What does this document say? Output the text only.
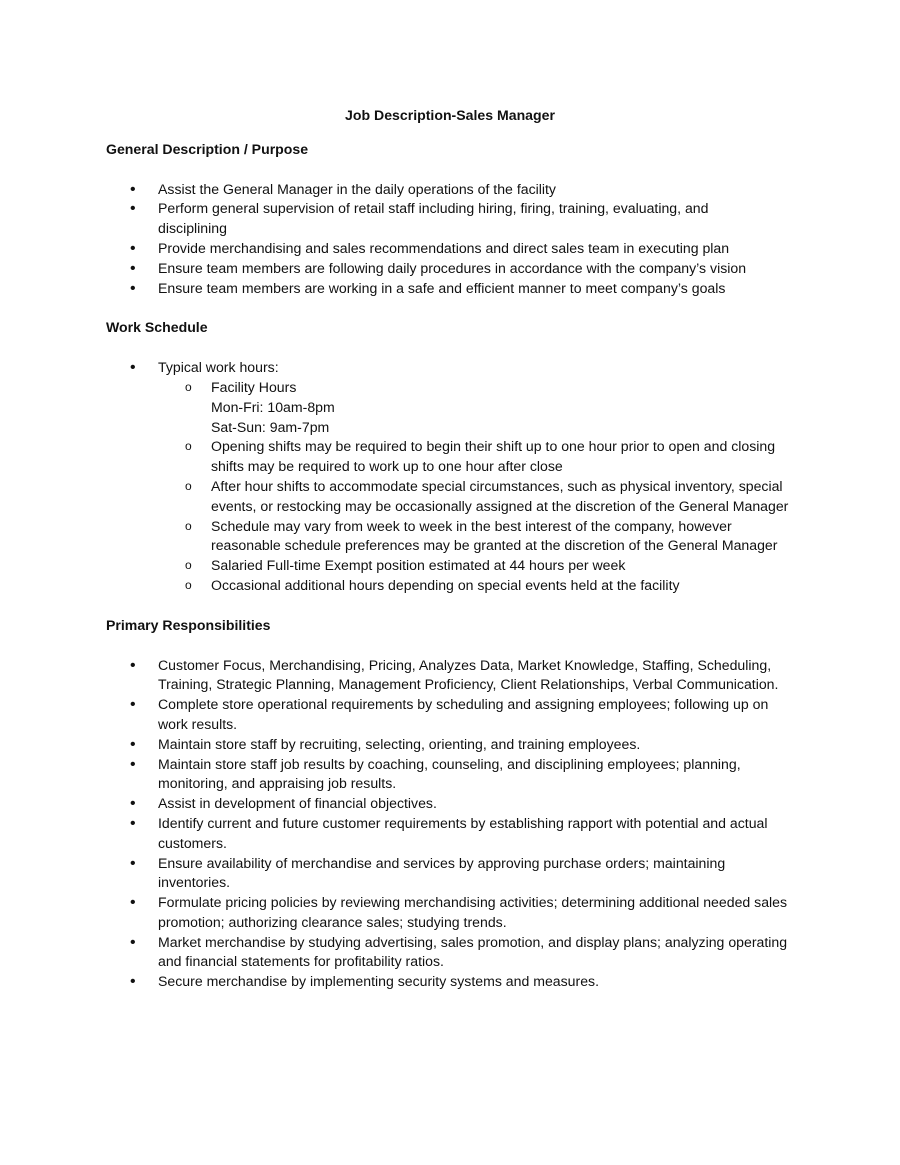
Job Description-Sales Manager
General Description / Purpose
• Assist the General Manager in the daily operations of the facility
• Perform general supervision of retail staff including hiring, firing, training, evaluating, and disciplining
• Provide merchandising and sales recommendations and direct sales team in executing plan
• Ensure team members are following daily procedures in accordance with the company’s vision
• Ensure team members are working in a safe and efficient manner to meet company’s goals
Work Schedule
• Typical work hours:
o Facility Hours
Mon-Fri: 10am-8pm
Sat-Sun: 9am-7pm
o Opening shifts may be required to begin their shift up to one hour prior to open and closing shifts may be required to work up to one hour after close
o After hour shifts to accommodate special circumstances, such as physical inventory, special events, or restocking may be occasionally assigned at the discretion of the General Manager
o Schedule may vary from week to week in the best interest of the company, however reasonable schedule preferences may be granted at the discretion of the General Manager
o Salaried Full-time Exempt position estimated at 44 hours per week
o Occasional additional hours depending on special events held at the facility
Primary Responsibilities
• Customer Focus, Merchandising, Pricing, Analyzes Data, Market Knowledge, Staffing, Scheduling, Training, Strategic Planning, Management Proficiency, Client Relationships, Verbal Communication.
• Complete store operational requirements by scheduling and assigning employees; following up on work results.
• Maintain store staff by recruiting, selecting, orienting, and training employees.
• Maintain store staff job results by coaching, counseling, and disciplining employees; planning, monitoring, and appraising job results.
• Assist in development of financial objectives.
• Identify current and future customer requirements by establishing rapport with potential and actual customers.
• Ensure availability of merchandise and services by approving purchase orders; maintaining inventories.
• Formulate pricing policies by reviewing merchandising activities; determining additional needed sales promotion; authorizing clearance sales; studying trends.
• Market merchandise by studying advertising, sales promotion, and display plans; analyzing operating and financial statements for profitability ratios.
• Secure merchandise by implementing security systems and measures.
